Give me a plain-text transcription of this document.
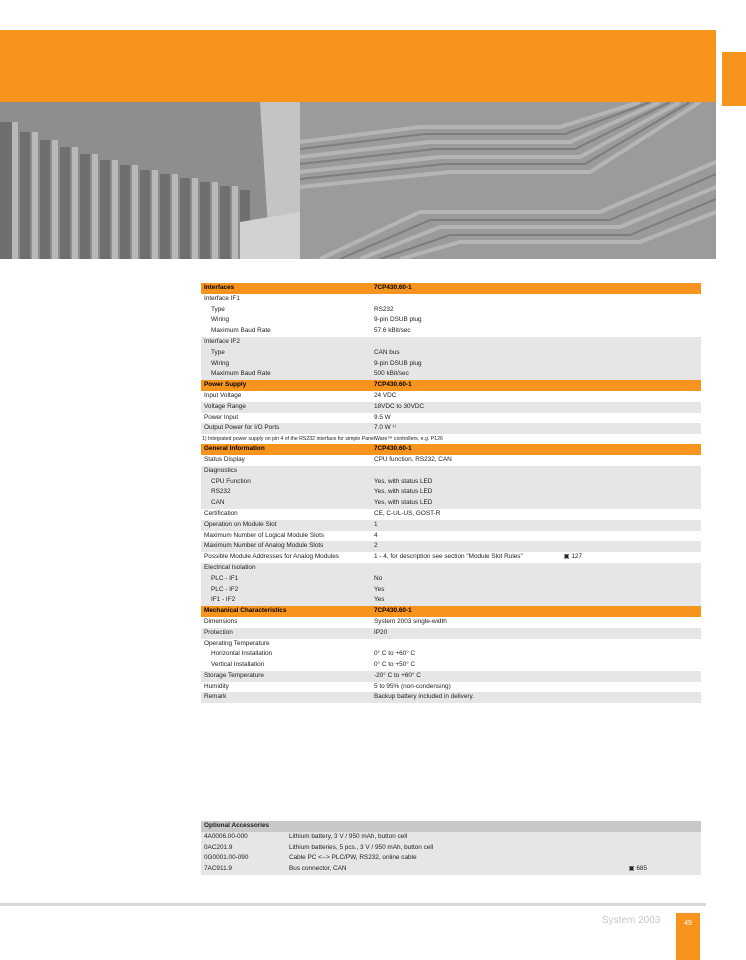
Interfaces	7CP430.60-1
Interface IF1	
Type	RS232
Wiring	9-pin DSUB plug
Maximum Baud Rate	57.6 kBit/sec
Interface IF2	
Type	CAN bus
Wiring	9-pin DSUB plug
Maximum Baud Rate	500 kBit/sec
Power Supply	7CP430.60-1
Input Voltage	24 VDC
Voltage Range	18VDC to 30VDC
Power Input	9.5 W
Output Power for I/O Ports	7.0 W ¹⁾
1) Integrated power supply on pin 4 of the RS232 interface for simple PanelWare™ controllers, e.g. P126	
General Information	7CP430.60-1
Status Display	CPU function, RS232, CAN
Diagnostics	
CPU Function	Yes, with status LED
RS232	Yes, with status LED
CAN	Yes, with status LED
Certification	CE, C-UL-US, GOST-R
Operation on Module Slot	1
Maximum Number of Logical Module Slots	4
Maximum Number of Analog Module Slots	2
Possible Module Addresses for Analog Modules	1 - 4, for description see section "Module Slot Rules" ▣ 127

Electrical Isolation	
PLC - IF1	No
PLC - IF2	Yes
IF1 - IF2	Yes
Mechanical Characteristics	7CP430.60-1
Dimensions	System 2003 single-width
Protection	IP20
Operating Temperature	
Horizontal Installation	0° C to +60° C
Vertical Installation	0° C to +50° C
Storage Temperature	-20° C to +60° C
Humidity	5 to 95% (non-condensing)
Remark	Backup battery included in delivery.
Optional Accessories		
4A0006.00-000	Lithium battery, 3 V / 950 mAh, button cell	
0AC201.9	Lithium batteries, 5 pcs., 3 V / 950 mAh, button cell	
0G0001.00-090	Cable PC <--> PLC/PW, RS232, online cable	
7AC911.9	Bus connector, CAN	▣ 685
System 2003	49
